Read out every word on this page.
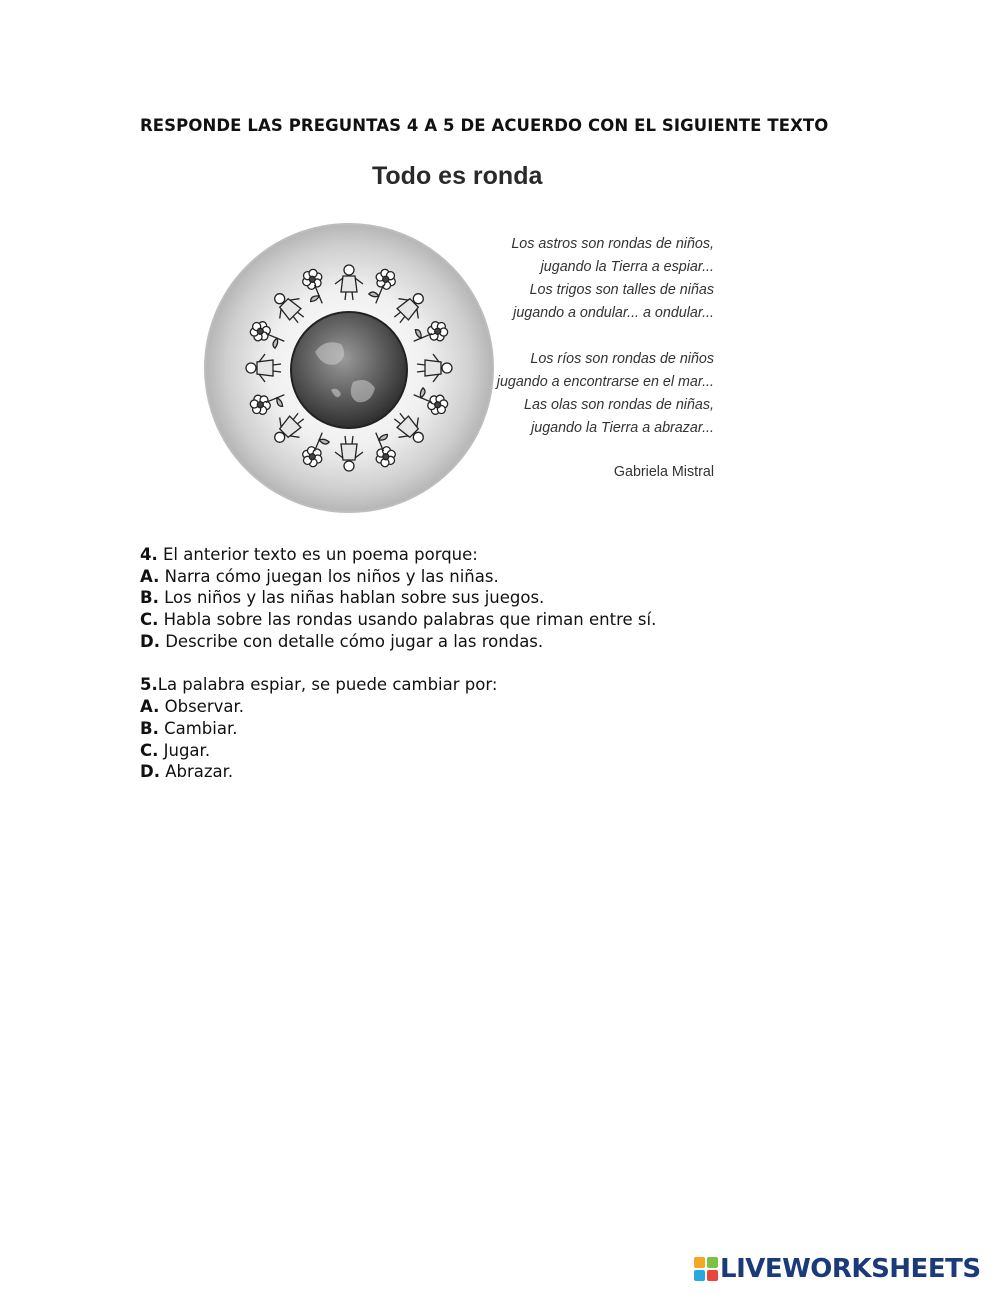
RESPONDE LAS PREGUNTAS 4 A 5 DE ACUERDO CON EL SIGUIENTE TEXTO
Todo es ronda
Los astros son rondas de niños,
jugando la Tierra a espiar...
Los trigos son talles de niñas
jugando a ondular... a ondular...
Los ríos son rondas de niños
jugando a encontrarse en el mar...
Las olas son rondas de niñas,
jugando la Tierra a abrazar...
Gabriela Mistral
4. El anterior texto es un poema porque:
A. Narra cómo juegan los niños y las niñas.
B. Los niños y las niñas hablan sobre sus juegos.
C. Habla sobre las rondas usando palabras que riman entre sí.
D. Describe con detalle cómo jugar a las rondas.
5.La palabra espiar, se puede cambiar por:
A. Observar.
B. Cambiar.
C. Jugar.
D. Abrazar.
LIVEWORKSHEETS
